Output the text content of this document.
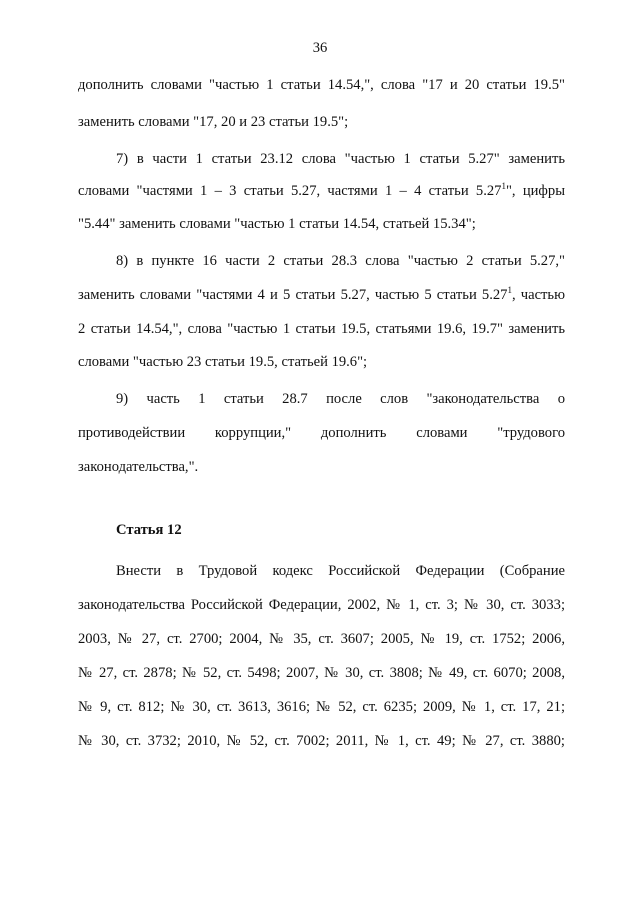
36
дополнить словами "частью 1 статьи 14.54,", слова "17 и 20 статьи 19.5"
заменить словами "17, 20 и 23 статьи 19.5";
7) в части 1 статьи 23.12 слова "частью 1 статьи 5.27" заменить
словами "частями 1 – 3 статьи 5.27, частями 1 – 4 статьи 5.27$^1$", цифры
"5.44" заменить словами "частью 1 статьи 14.54, статьей 15.34";
8) в пункте 16 части 2 статьи 28.3 слова "частью 2 статьи 5.27,"
заменить словами "частями 4 и 5 статьи 5.27, частью 5 статьи 5.27$^1$, частью
2 статьи 14.54,", слова "частью 1 статьи 19.5, статьями 19.6, 19.7" заменить
словами "частью 23 статьи 19.5, статьей 19.6";
9) часть 1 статьи 28.7 после слов "законодательства о
противодействии коррупции," дополнить словами "трудового
законодательства,".
Статья 12
Внести в Трудовой кодекс Российской Федерации (Собрание
законодательства Российской Федерации, 2002, № 1, ст. 3; № 30, ст. 3033;
2003, № 27, ст. 2700; 2004, № 35, ст. 3607; 2005, № 19, ст. 1752; 2006,
№ 27, ст. 2878; № 52, ст. 5498; 2007, № 30, ст. 3808; № 49, ст. 6070; 2008,
№ 9, ст. 812; № 30, ст. 3613, 3616; № 52, ст. 6235; 2009, № 1, ст. 17, 21;
№ 30, ст. 3732; 2010, № 52, ст. 7002; 2011, № 1, ст. 49; № 27, ст. 3880;
